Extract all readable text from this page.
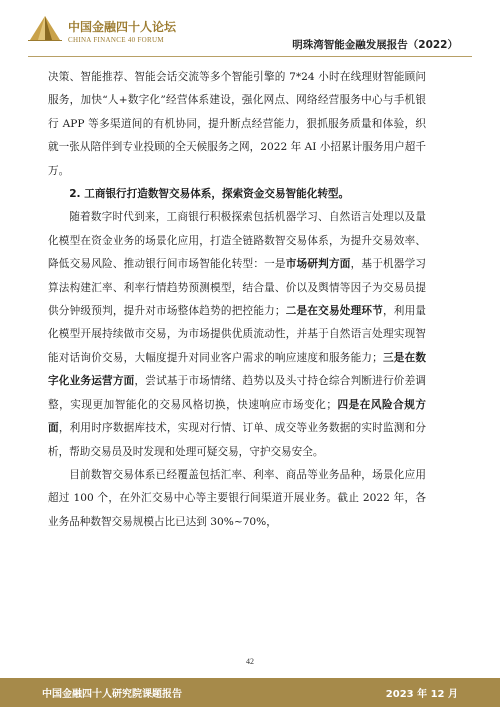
中国金融四十人论坛
CHINA FINANCE 40 FORUM	明珠湾智能金融发展报告（2022）

决策、智能推荐、智能会话交流等多个智能引擎的 7*24 小时在线理财智能顾问服务，加快“人+数字化”经营体系建设，强化网点、网络经营服务中心与手机银行 APP 等多渠道间的有机协同，提升断点经营能力，狠抓服务质量和体验，织就一张从陪伴到专业投顾的全天候服务之网，2022 年 AI 小招累计服务用户超千万。

2. 工商银行打造数智交易体系，探索资金交易智能化转型。

随着数字时代到来，工商银行积极探索包括机器学习、自然语言处理以及量化模型在资金业务的场景化应用，打造全链路数智交易体系，为提升交易效率、降低交易风险、推动银行间市场智能化转型：一是市场研判方面，基于机器学习算法构建汇率、利率行情趋势预测模型，结合量、价以及舆情等因子为交易员提供分钟级预判，提升对市场整体趋势的把控能力；二是在交易处理环节，利用量化模型开展持续做市交易，为市场提供优质流动性，并基于自然语言处理实现智能对话询价交易，大幅度提升对同业客户需求的响应速度和服务能力；三是在数字化业务运营方面，尝试基于市场情绪、趋势以及头寸持仓综合判断进行价差调整，实现更加智能化的交易风格切换，快速响应市场变化；四是在风险合规方面，利用时序数据库技术，实现对行情、订单、成交等业务数据的实时监测和分析，帮助交易员及时发现和处理可疑交易，守护交易安全。

目前数智交易体系已经覆盖包括汇率、利率、商品等业务品种，场景化应用超过 100 个，在外汇交易中心等主要银行间渠道开展业务。截止 2022 年，各业务品种数智交易规模占比已达到 30%~70%，

42
中国金融四十人研究院课题报告	2023 年 12 月
